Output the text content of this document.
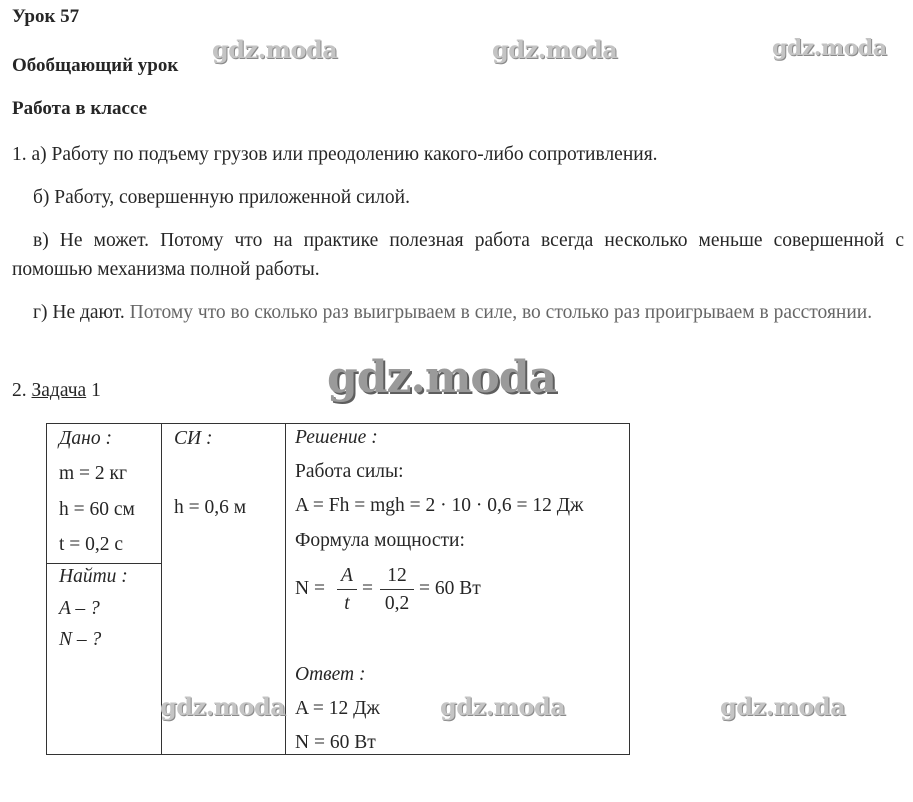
Урок 57
Обобщающий урок
Работа в классе
1. а) Работу по подъему грузов или преодолению какого-либо сопротивления.
б) Работу, совершенную приложенной силой.
в) Не может. Потому что на практике полезная работа всегда несколько меньше совершенной с помошью механизма полной работы.
г) Не дают. Потому что во сколько раз выигрываем в силе, во столько раз проигрываем в расстоянии.
2. Задача 1
Дано :
m = 2 кг
h = 60 см
t = 0,2 с
Найти :
A – ?
N – ?
СИ :
h = 0,6 м
Решение :
Работа силы:
A = Fh = mgh = 2 · 10 · 0,6 = 12 Дж
Формула мощности:
N =
A
t
=
12
0,2
= 60 Вт
Ответ :
A = 12 Дж
N = 60 Вт
gdz.moda	gdz.moda	gdz.moda
gdz.moda
gdz.moda	gdz.moda	gdz.moda
